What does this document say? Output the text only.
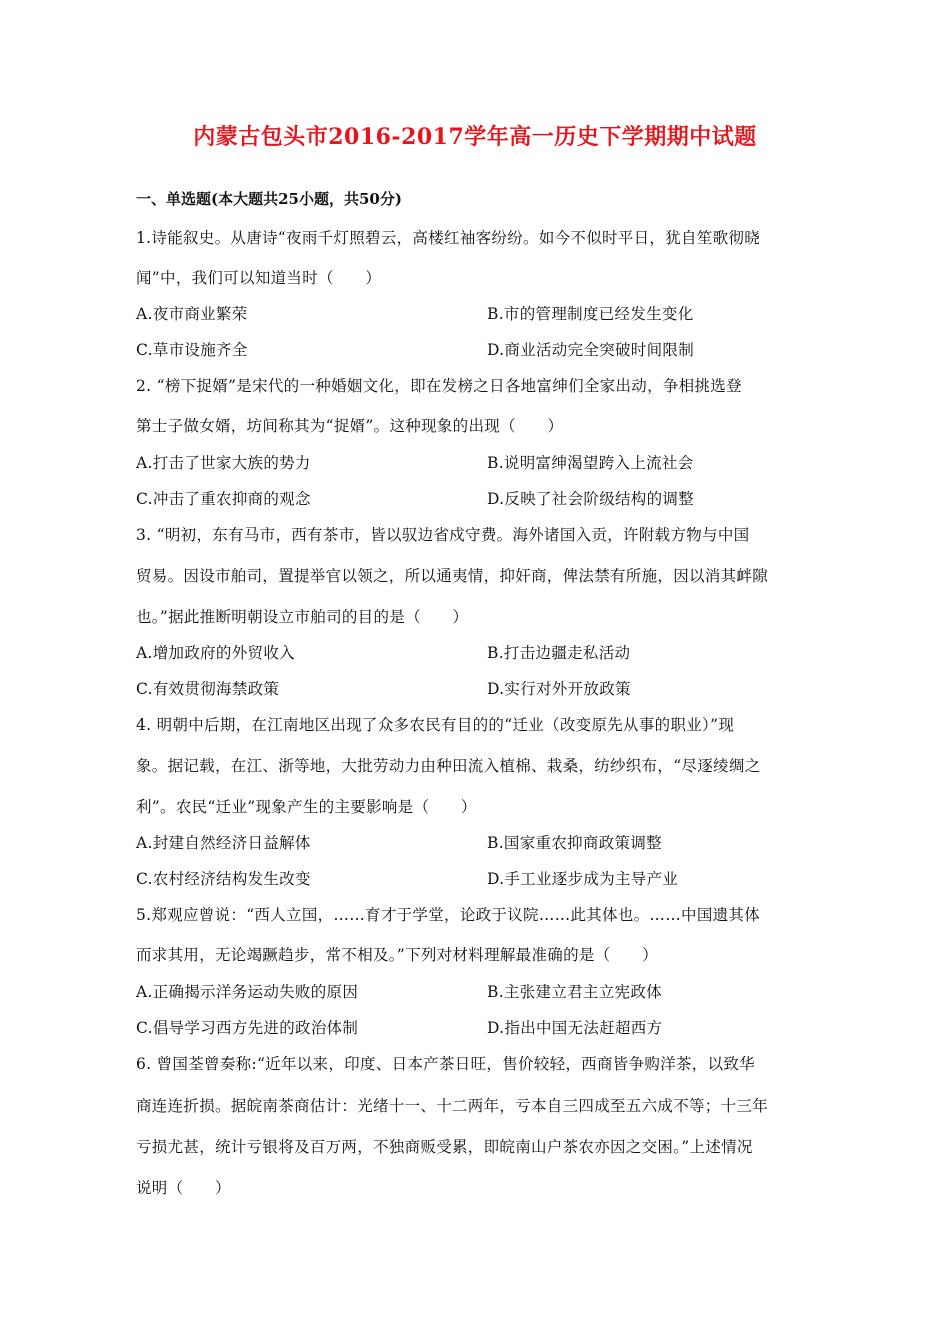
内蒙古包头市2016-2017学年高一历史下学期期中试题
一、单选题(本大题共25小题，共50分)
1.诗能叙史。从唐诗“夜雨千灯照碧云，高楼红袖客纷纷。如今不似时平日，犹自笙歌彻晓
闻”中，我们可以知道当时（　　）
A.夜市商业繁荣	B.市的管理制度已经发生变化
C.草市设施齐全	D.商业活动完全突破时间限制
2. “榜下捉婿”是宋代的一种婚姻文化，即在发榜之日各地富绅们全家出动，争相挑选登
第士子做女婿，坊间称其为“捉婿”。这种现象的出现（　　）
A.打击了世家大族的势力	B.说明富绅渴望跨入上流社会
C.冲击了重农抑商的观念	D.反映了社会阶级结构的调整
3. “明初，东有马市，西有茶市，皆以驭边省戍守费。海外诸国入贡，许附载方物与中国
贸易。因设市舶司，置提举官以领之，所以通夷情，抑奸商，俾法禁有所施，因以消其衅隙
也。”据此推断明朝设立市舶司的目的是（　　）
A.增加政府的外贸收入	B.打击边疆走私活动
C.有效贯彻海禁政策	D.实行对外开放政策
4. 明朝中后期，在江南地区出现了众多农民有目的的“迁业（改变原先从事的职业）”现
象。据记载，在江、浙等地，大批劳动力由种田流入植棉、栽桑，纺纱织布，“尽逐绫绸之
利”。农民“迁业”现象产生的主要影响是（　　）
A.封建自然经济日益解体	B.国家重农抑商政策调整
C.农村经济结构发生改变	D.手工业逐步成为主导产业
5.郑观应曾说：“西人立国，……育才于学堂，论政于议院……此其体也。……中国遗其体
而求其用，无论竭蹶趋步，常不相及。”下列对材料理解最准确的是（　　）
A.正确揭示洋务运动失败的原因	B.主张建立君主立宪政体
C.倡导学习西方先进的政治体制	D.指出中国无法赶超西方
6. 曾国荃曾奏称:“近年以来，印度、日本产茶日旺，售价较轻，西商皆争购洋茶，以致华
商连连折损。据皖南茶商估计：光绪十一、十二两年，亏本自三四成至五六成不等；十三年
亏损尤甚，统计亏银将及百万两，不独商贩受累，即皖南山户茶农亦因之交困。”上述情况
说明（　　）
